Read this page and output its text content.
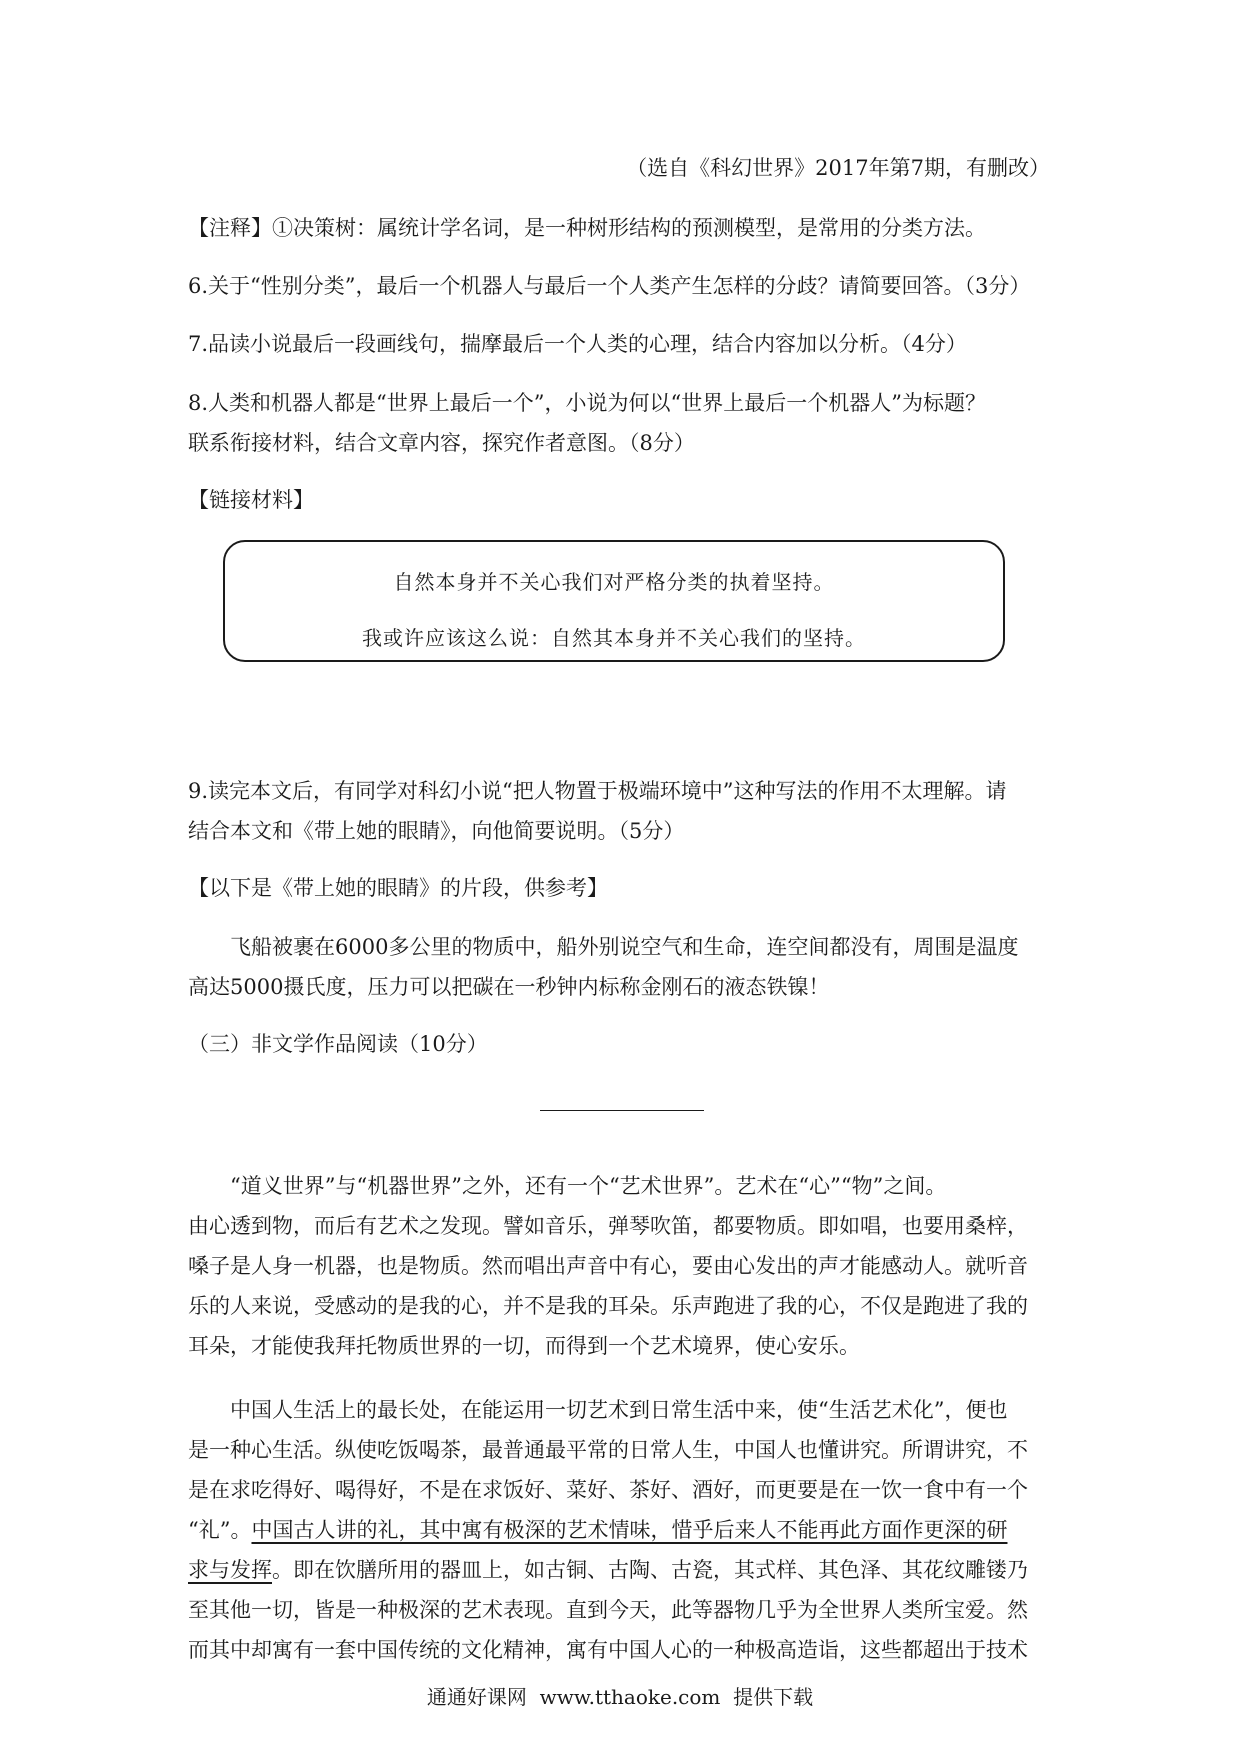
（选自《科幻世界》2017年第7期，有删改）
【注释】①决策树：属统计学名词，是一种树形结构的预测模型，是常用的分类方法。
6.关于“性别分类”，最后一个机器人与最后一个人类产生怎样的分歧？请简要回答。（3分）
7.品读小说最后一段画线句，揣摩最后一个人类的心理，结合内容加以分析。（4分）
8.人类和机器人都是“世界上最后一个”，小说为何以“世界上最后一个机器人”为标题？
联系衔接材料，结合文章内容，探究作者意图。（8分）
【链接材料】
自然本身并不关心我们对严格分类的执着坚持。
我或许应该这么说：自然其本身并不关心我们的坚持。
9.读完本文后，有同学对科幻小说“把人物置于极端环境中”这种写法的作用不太理解。请
结合本文和《带上她的眼睛》，向他简要说明。（5分）
【以下是《带上她的眼睛》的片段，供参考】
飞船被裹在6000多公里的物质中，船外别说空气和生命，连空间都没有，周围是温度
高达5000摄氏度，压力可以把碳在一秒钟内标称金刚石的液态铁镍！
（三）非文学作品阅读（10分）
“道义世界”与“机器世界”之外，还有一个“艺术世界”。艺术在“心”“物”之间。
由心透到物，而后有艺术之发现。譬如音乐，弹琴吹笛，都要物质。即如唱，也要用桑梓，
嗓子是人身一机器，也是物质。然而唱出声音中有心，要由心发出的声才能感动人。就听音
乐的人来说，受感动的是我的心，并不是我的耳朵。乐声跑进了我的心，不仅是跑进了我的
耳朵，才能使我拜托物质世界的一切，而得到一个艺术境界，使心安乐。
中国人生活上的最长处，在能运用一切艺术到日常生活中来，使“生活艺术化”，便也
是一种心生活。纵使吃饭喝茶，最普通最平常的日常人生，中国人也懂讲究。所谓讲究，不
是在求吃得好、喝得好，不是在求饭好、菜好、茶好、酒好，而更要是在一饮一食中有一个
“礼”。中国古人讲的礼，其中寓有极深的艺术情味，惜乎后来人不能再此方面作更深的研
求与发挥。即在饮膳所用的器皿上，如古铜、古陶、古瓷，其式样、其色泽、其花纹雕镂乃
至其他一切，皆是一种极深的艺术表现。直到今天，此等器物几乎为全世界人类所宝爱。然
而其中却寓有一套中国传统的文化精神，寓有中国人心的一种极高造诣，这些都超出于技术
通通好课网 www.tthaoke.com 提供下载
